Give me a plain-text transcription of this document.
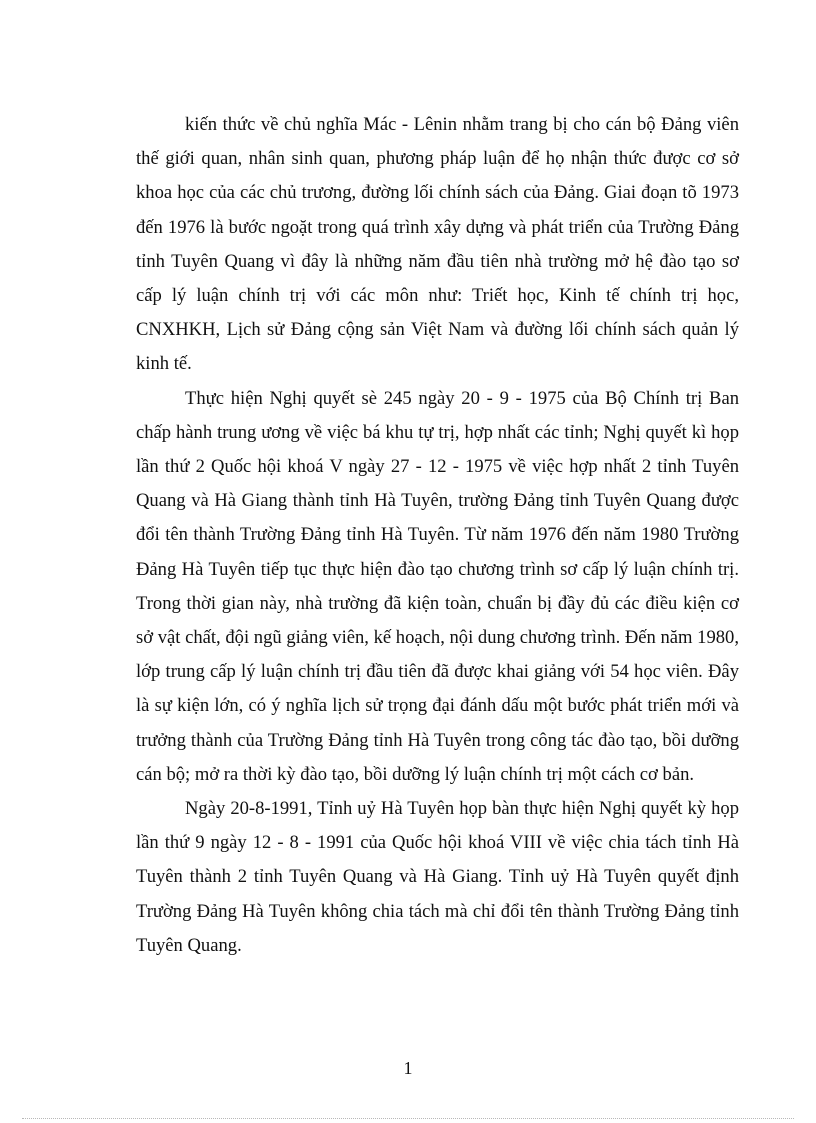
kiến thức về chủ nghĩa Mác - Lênin nhằm trang bị cho cán bộ Đảng viên thế giới quan, nhân sinh quan, phương pháp luận để họ nhận thức được cơ sở khoa học của các chủ trương, đường lối chính sách của Đảng. Giai đoạn tõ 1973 đến 1976 là bước ngoặt trong quá trình xây dựng và phát triển của Trường Đảng tỉnh Tuyên Quang vì đây là những năm đầu tiên nhà trường mở hệ đào tạo sơ cấp lý luận chính trị với các môn như: Triết học, Kinh tế chính trị học, CNXHKH, Lịch sử Đảng cộng sản Việt Nam và đường lối chính sách quản lý kinh tế.

Thực hiện Nghị quyết sè 245 ngày 20 - 9 - 1975 của Bộ Chính trị Ban chấp hành trung ương về việc bá khu tự trị, hợp nhất các tỉnh; Nghị quyết kì họp lần thứ 2 Quốc hội khoá V ngày 27 - 12 - 1975 về việc hợp nhất 2 tỉnh Tuyên Quang và Hà Giang thành tỉnh Hà Tuyên, trường Đảng tỉnh Tuyên Quang được đổi tên thành Trường Đảng tỉnh Hà Tuyên. Từ năm 1976 đến năm 1980 Trường Đảng Hà Tuyên tiếp tục thực hiện đào tạo chương trình sơ cấp lý luận chính trị. Trong thời gian này, nhà trường đã kiện toàn, chuẩn bị đầy đủ các điều kiện cơ sở vật chất, đội ngũ giảng viên, kế hoạch, nội dung chương trình. Đến năm 1980, lớp trung cấp lý luận chính trị đầu tiên đã được khai giảng với 54 học viên. Đây là sự kiện lớn, có ý nghĩa lịch sử trọng đại đánh dấu một bước phát triển mới và trưởng thành của Trường Đảng tỉnh Hà Tuyên trong công tác đào tạo, bồi dưỡng cán bộ; mở ra thời kỳ đào tạo, bồi dưỡng lý luận chính trị một cách cơ bản.

Ngày 20-8-1991, Tỉnh uỷ Hà Tuyên họp bàn thực hiện Nghị quyết kỳ họp lần thứ 9 ngày 12 - 8 - 1991 của Quốc hội khoá VIII về việc chia tách tỉnh Hà Tuyên thành 2 tỉnh Tuyên Quang và Hà Giang. Tỉnh uỷ Hà Tuyên quyết định Trường Đảng Hà Tuyên không chia tách mà chỉ đổi tên thành Trường Đảng tỉnh Tuyên Quang.

1
